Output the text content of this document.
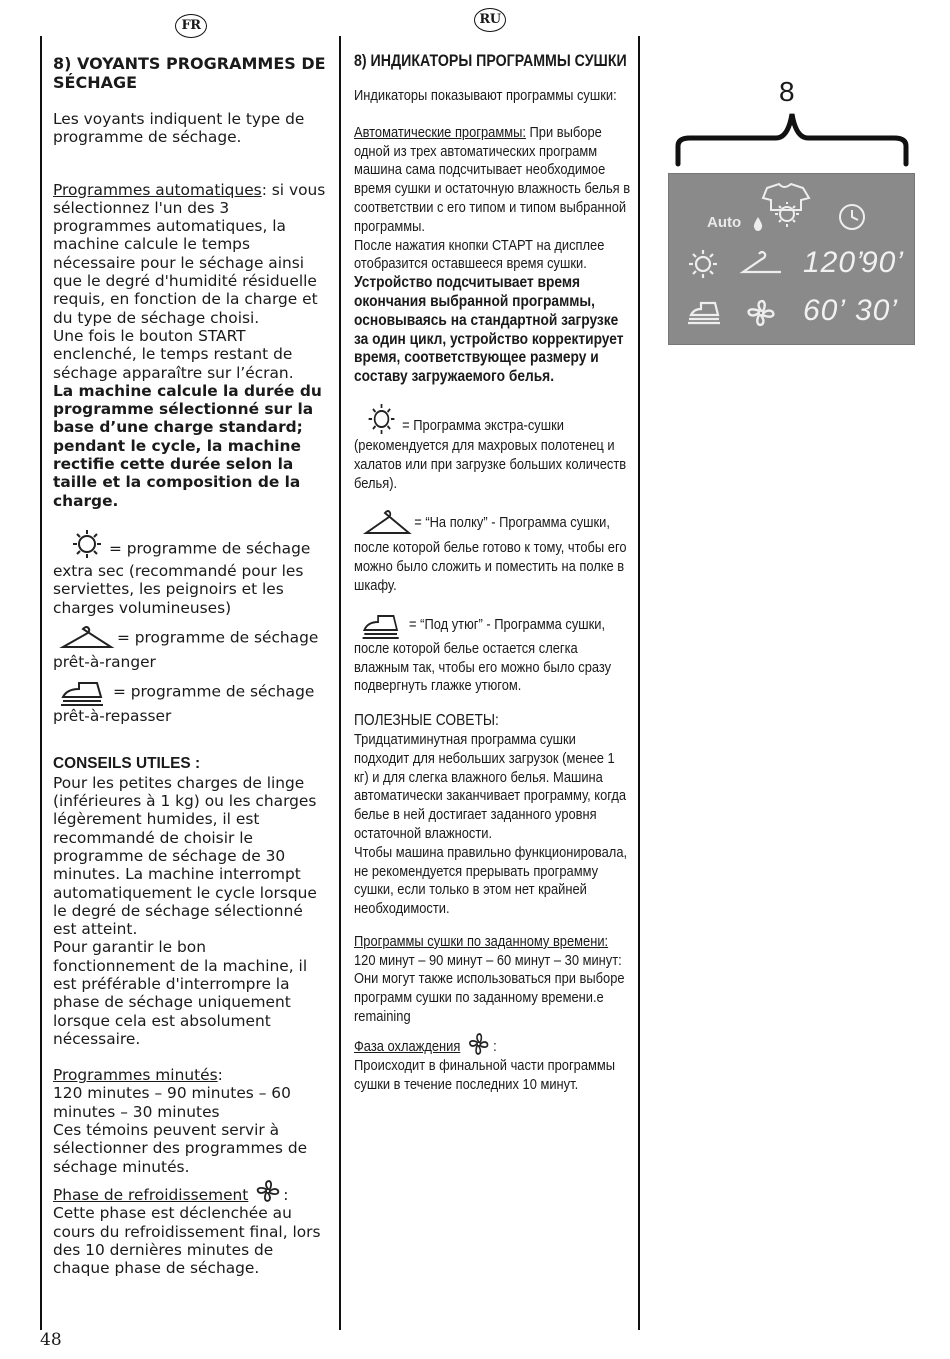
FR	RU
8) VOYANTS PROGRAMMES DE SÉCHAGE
Les voyants indiquent le type de programme de séchage.
Programmes automatiques: si vous sélectionnez l'un des 3 programmes automatiques, la machine calcule le temps nécessaire pour le séchage ainsi que le degré d'humidité résiduelle requis, en fonction de la charge et du type de séchage choisi.
Une fois le bouton START enclenché, le temps restant de séchage apparaître sur l’écran.
La machine calcule la durée du programme sélectionné sur la base d’une charge standard; pendant le cycle, la machine rectifie cette durée selon la taille et la composition de la charge.
= programme de séchage extra sec (recommandé pour les serviettes, les peignoirs et les charges volumineuses)
= programme de séchage prêt-à-ranger
= programme de séchage prêt-à-repasser
CONSEILS UTILES :
Pour les petites charges de linge (inférieures à 1 kg) ou les charges légèrement humides, il est recommandé de choisir le programme de séchage de 30 minutes. La machine interrompt automatiquement le cycle lorsque le degré de séchage sélectionné est atteint.
Pour garantir le bon fonctionnement de la machine, il est préférable d'interrompre la phase de séchage uniquement lorsque cela est absolument nécessaire.
Programmes minutés:
120 minutes – 90 minutes – 60 minutes – 30 minutes
Ces témoins peuvent servir à sélectionner des programmes de séchage minutés.
Phase de refroidissement :
Cette phase est déclenchée au cours du refroidissement final, lors des 10 dernières minutes de chaque phase de séchage.
8) ИНДИКАТОРЫ ПРОГРАММЫ СУШКИ
Индикаторы показывают программы сушки:
Автоматические программы: При выборе одной из трех автоматических программ машина сама подсчитывает необходимое время сушки и остаточную влажность белья в соответствии с его типом и типом выбранной программы.
После нажатия кнопки СТАРТ на дисплее отобразится оставшееся время сушки.
Устройство подсчитывает время окончания выбранной программы, основываясь на стандартной загрузке за один цикл, устройство корректирует время, соответствующее размеру и составу загружаемого белья.
= Программа экстра-сушки (рекомендуется для махровых полотенец и халатов или при загрузке больших количеств белья).
= “На полку” - Программа сушки, после которой белье готово к тому, чтобы его можно было сложить и поместить на полке в шкафу.
= “Под утюг” - Программа сушки, после которой белье остается слегка влажным так, чтобы его можно было сразу подвергнуть глажке утюгом.
ПОЛЕЗНЫЕ СОВЕТЫ:
Тридцатиминутная программа сушки подходит для небольших загрузок (менее 1 кг) и для слегка влажного белья. Машина автоматически заканчивает программу, когда белье в ней достигает заданного уровня остаточной влажности.
Чтобы машина правильно функционировала, не рекомендуется прерывать программу сушки, если только в этом нет крайней необходимости.
Программы сушки по заданному времени:
120 минут – 90 минут – 60 минут – 30 минут:
Они могут также использоваться при выборе программ сушки по заданному времени.e remaining
Фаза охлаждения :
Происходит в финальной части программы сушки в течение последних 10 минут.
8
Auto
120’
90’
60’ 30’
48
